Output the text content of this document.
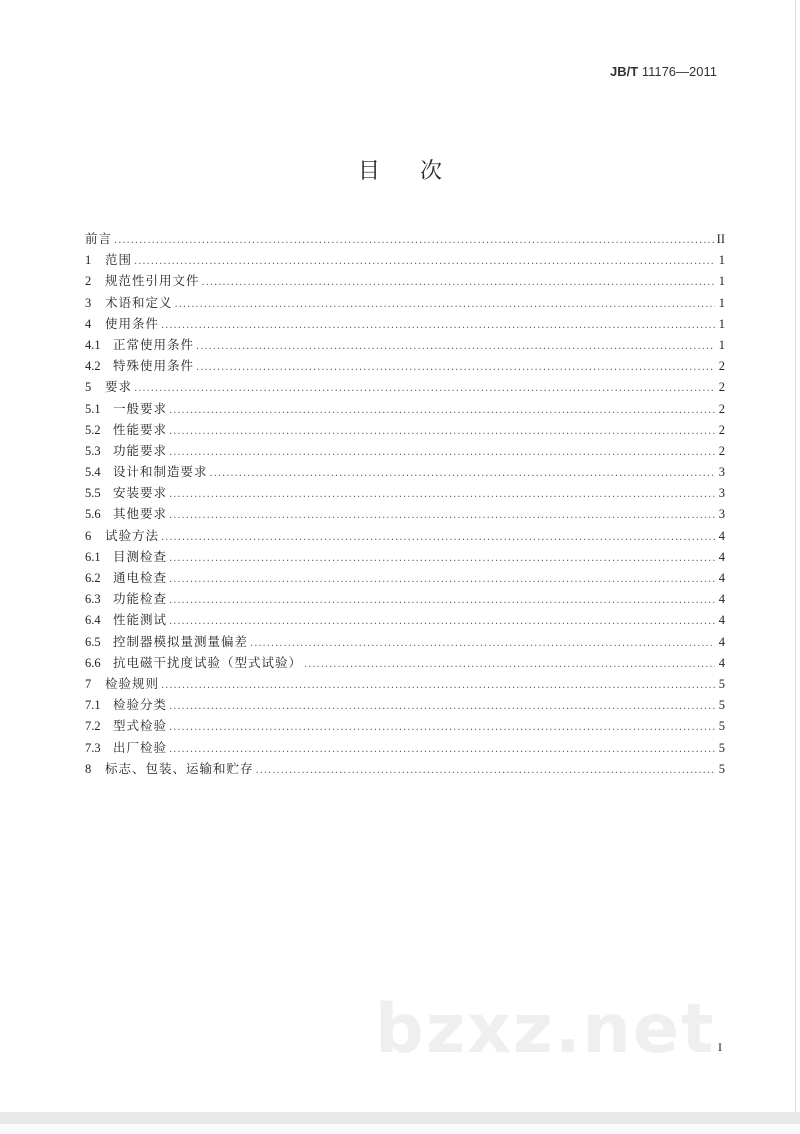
JB/T 11176—2011
目次
前言 .....	II
1	范围 .....	1
2	规范性引用文件 .....	1
3	术语和定义 .....	1
4	使用条件 .....	1
4.1 正常使用条件 .....	1
4.2 特殊使用条件 .....	2
5	要求 .....	2
5.1 一般要求 .....	2
5.2 性能要求 .....	2
5.3 功能要求 .....	2
5.4 设计和制造要求 .....	3
5.5 安装要求 .....	3
5.6 其他要求 .....	3
6	试验方法 .....	4
6.1 目测检查 .....	4
6.2 通电检查 .....	4
6.3 功能检查 .....	4
6.4 性能测试 .....	4
6.5 控制器模拟量测量偏差 .....	4
6.6 抗电磁干扰度试验（型式试验） .....	4
7	检验规则 .....	5
7.1 检验分类 .....	5
7.2 型式检验 .....	5
7.3 出厂检验 .....	5
8	标志、包装、运输和贮存 .....	5
bzxz.net I
